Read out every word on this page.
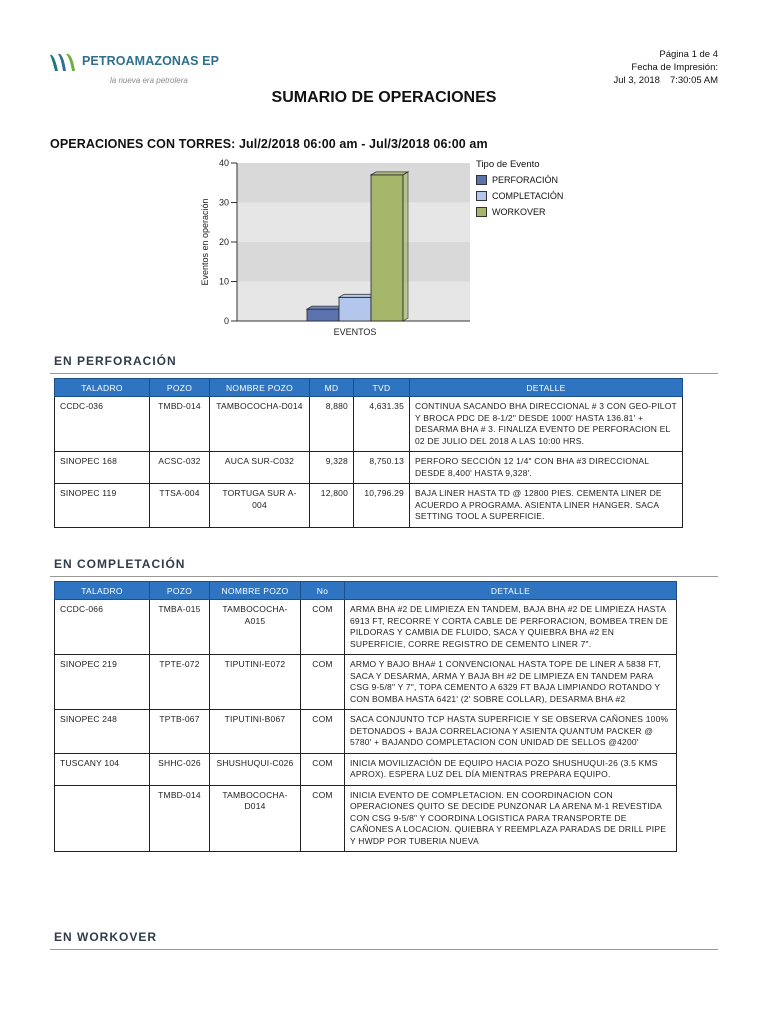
PETROAMAZONAS EP
la nueva era petrolera
Página 1 de 4
Fecha de Impresión:
Jul 3, 2018 7:30:05 AM
SUMARIO DE OPERACIONES
OPERACIONES CON TORRES: Jul/2/2018 06:00 am - Jul/3/2018 06:00 am
0
10
20
30
40
Eventos en operación
EVENTOS
Tipo de Evento
PERFORACIÓN
COMPLETACIÓN
WORKOVER
EN PERFORACIÓN
TALADRO	POZO	NOMBRE POZO	MD	TVD	DETALLE
CCDC-036	TMBD-014	TAMBOCOCHA-D014	8,880	4,631.35	CONTINUA SACANDO BHA DIRECCIONAL # 3 CON GEO-PILOT Y BROCA PDC DE 8-1/2" DESDE 1000' HASTA 136.81' + DESARMA BHA # 3. FINALIZA EVENTO DE PERFORACION EL 02 DE JULIO DEL 2018 A LAS 10:00 HRS.
SINOPEC 168	ACSC-032	AUCA SUR-C032	9,328	8,750.13	PERFORO SECCIÓN 12 1/4" CON BHA #3 DIRECCIONAL DESDE 8,400' HASTA 9,328'.
SINOPEC 119	TTSA-004	TORTUGA SUR A-004	12,800	10,796.29	BAJA LINER HASTA TD @ 12800 PIES. CEMENTA LINER DE ACUERDO A PROGRAMA. ASIENTA LINER HANGER. SACA SETTING TOOL A SUPERFICIE.
EN COMPLETACIÓN
TALADRO	POZO	NOMBRE POZO	No	DETALLE
CCDC-066	TMBA-015	TAMBOCOCHA-A015	COM	ARMA BHA #2 DE LIMPIEZA EN TANDEM, BAJA BHA #2 DE LIMPIEZA HASTA 6913 FT, RECORRE Y CORTA CABLE DE PERFORACION, BOMBEA TREN DE PILDORAS Y CAMBIA DE FLUIDO, SACA Y QUIEBRA BHA #2 EN SUPERFICIE, CORRE REGISTRO DE CEMENTO LINER 7".
SINOPEC 219	TPTE-072	TIPUTINI-E072	COM	ARMO Y BAJO BHA# 1 CONVENCIONAL HASTA TOPE DE LINER A 5838 FT, SACA Y DESARMA, ARMA Y BAJA BH #2 DE LIMPIEZA EN TANDEM PARA CSG 9-5/8" Y 7", TOPA CEMENTO A 6329 FT BAJA LIMPIANDO ROTANDO Y CON BOMBA HASTA 6421' (2' SOBRE COLLAR), DESARMA BHA #2
SINOPEC 248	TPTB-067	TIPUTINI-B067	COM	SACA CONJUNTO TCP HASTA SUPERFICIE Y SE OBSERVA CAÑONES 100% DETONADOS + BAJA CORRELACIONA Y ASIENTA QUANTUM PACKER @ 5780' + BAJANDO COMPLETACION CON UNIDAD DE SELLOS @4200'
TUSCANY 104	SHHC-026	SHUSHUQUI-C026	COM	INICIA MOVILIZACIÓN DE EQUIPO HACIA POZO SHUSHUQUI-26 (3.5 KMS APROX). ESPERA LUZ DEL DÍA MIENTRAS PREPARA EQUIPO.
	TMBD-014	TAMBOCOCHA-D014	COM	INICIA EVENTO DE COMPLETACION. EN COORDINACION CON OPERACIONES QUITO SE DECIDE PUNZONAR LA ARENA M-1 REVESTIDA CON CSG 9-5/8" Y COORDINA LOGISTICA PARA TRANSPORTE DE CAÑONES A LOCACION. QUIEBRA Y REEMPLAZA PARADAS DE DRILL PIPE Y HWDP POR TUBERIA NUEVA
EN WORKOVER
